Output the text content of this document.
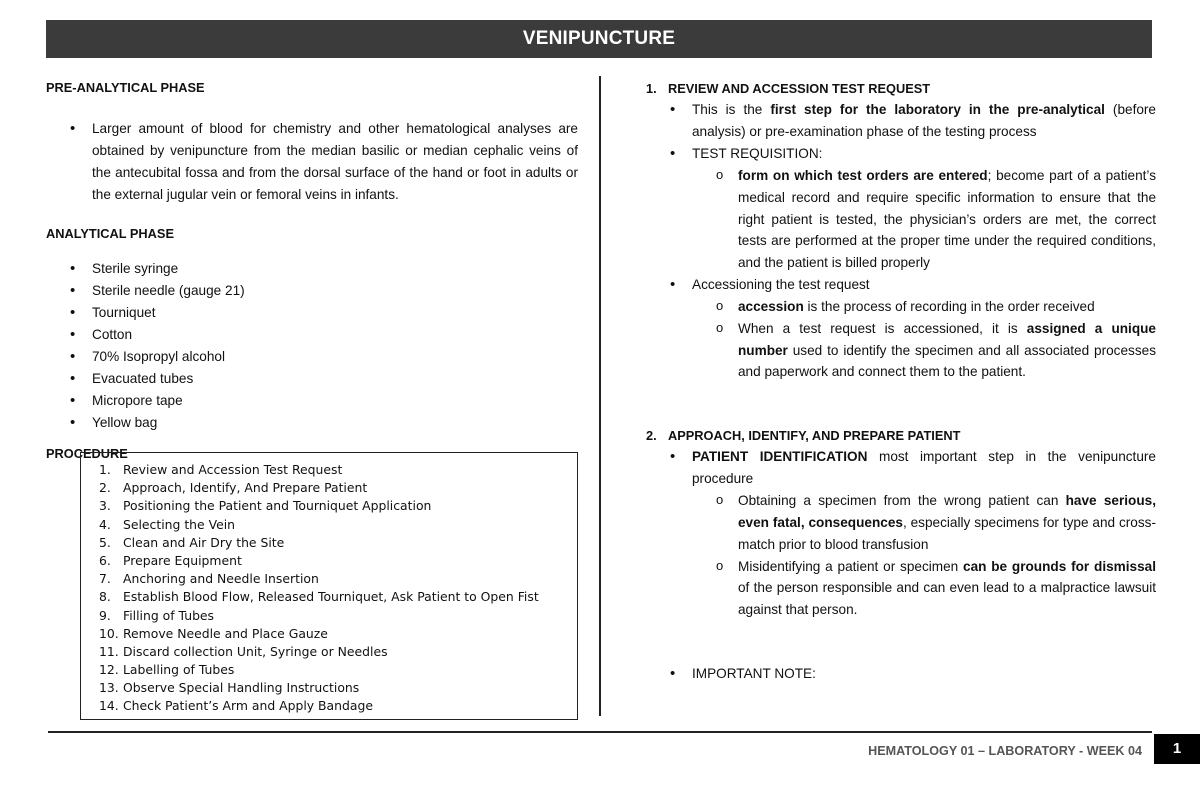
VENIPUNCTURE
PRE-ANALYTICAL PHASE
• Larger amount of blood for chemistry and other hematological analyses are obtained by venipuncture from the median basilic or median cephalic veins of the antecubital fossa and from the dorsal surface of the hand or foot in adults or the external jugular vein or femoral veins in infants.
ANALYTICAL PHASE
• Sterile syringe
• Sterile needle (gauge 21)
• Tourniquet
• Cotton
• 70% Isopropyl alcohol
• Evacuated tubes
• Micropore tape
• Yellow bag
PROCEDURE
1. Review and Accession Test Request
2. Approach, Identify, And Prepare Patient
3. Positioning the Patient and Tourniquet Application
4. Selecting the Vein
5. Clean and Air Dry the Site
6. Prepare Equipment
7. Anchoring and Needle Insertion
8. Establish Blood Flow, Released Tourniquet, Ask Patient to Open Fist
9. Filling of Tubes
10. Remove Needle and Place Gauze
11. Discard collection Unit, Syringe or Needles
12. Labelling of Tubes
13. Observe Special Handling Instructions
14. Check Patient’s Arm and Apply Bandage
1. REVIEW AND ACCESSION TEST REQUEST
• This is the first step for the laboratory in the pre-analytical (before analysis) or pre-examination phase of the testing process
• TEST REQUISITION:
o form on which test orders are entered; become part of a patient’s medical record and require specific information to ensure that the right patient is tested, the physician’s orders are met, the correct tests are performed at the proper time under the required conditions, and the patient is billed properly
• Accessioning the test request
o accession is the process of recording in the order received
o When a test request is accessioned, it is assigned a unique number used to identify the specimen and all associated processes and paperwork and connect them to the patient.
2. APPROACH, IDENTIFY, AND PREPARE PATIENT
• PATIENT IDENTIFICATION most important step in the venipuncture procedure
o Obtaining a specimen from the wrong patient can have serious, even fatal, consequences, especially specimens for type and cross-match prior to blood transfusion
o Misidentifying a patient or specimen can be grounds for dismissal of the person responsible and can even lead to a malpractice lawsuit against that person.
• IMPORTANT NOTE:
HEMATOLOGY 01 – LABORATORY - WEEK 04	1
